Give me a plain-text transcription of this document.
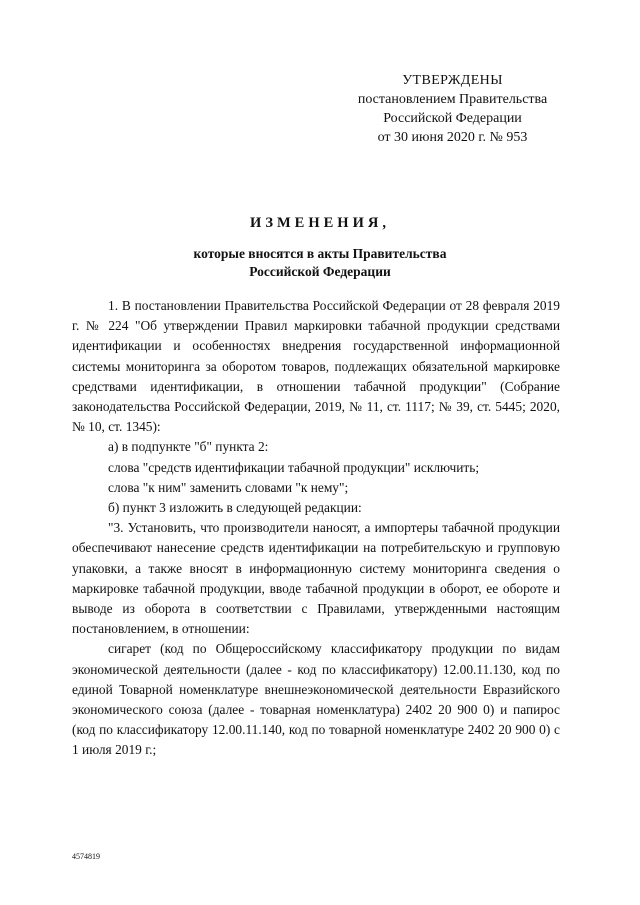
УТВЕРЖДЕНЫ
постановлением Правительства
Российской Федерации
от 30 июня 2020 г. № 953
ИЗМЕНЕНИЯ,
которые вносятся в акты Правительства
Российской Федерации

1. В постановлении Правительства Российской Федерации от 28 февраля 2019 г. № 224 "Об утверждении Правил маркировки табачной продукции средствами идентификации и особенностях внедрения государственной информационной системы мониторинга за оборотом товаров, подлежащих обязательной маркировке средствами идентификации, в отношении табачной продукции" (Собрание законодательства Российской Федерации, 2019, № 11, ст. 1117; № 39, ст. 5445; 2020, № 10, ст. 1345):

а) в подпункте "б" пункта 2:

слова "средств идентификации табачной продукции" исключить;

слова "к ним" заменить словами "к нему";

б) пункт 3 изложить в следующей редакции:

"3. Установить, что производители наносят, а импортеры табачной продукции обеспечивают нанесение средств идентификации на потребительскую и групповую упаковки, а также вносят в информационную систему мониторинга сведения о маркировке табачной продукции, вводе табачной продукции в оборот, ее обороте и выводе из оборота в соответствии с Правилами, утвержденными настоящим постановлением, в отношении:

сигарет (код по Общероссийскому классификатору продукции по видам экономической деятельности (далее - код по классификатору) 12.00.11.130, код по единой Товарной номенклатуре внешнеэкономической деятельности Евразийского экономического союза (далее - товарная номенклатура) 2402 20 900 0) и папирос (код по классификатору 12.00.11.140, код по товарной номенклатуре 2402 20 900 0) с 1 июля 2019 г.;

4574819
